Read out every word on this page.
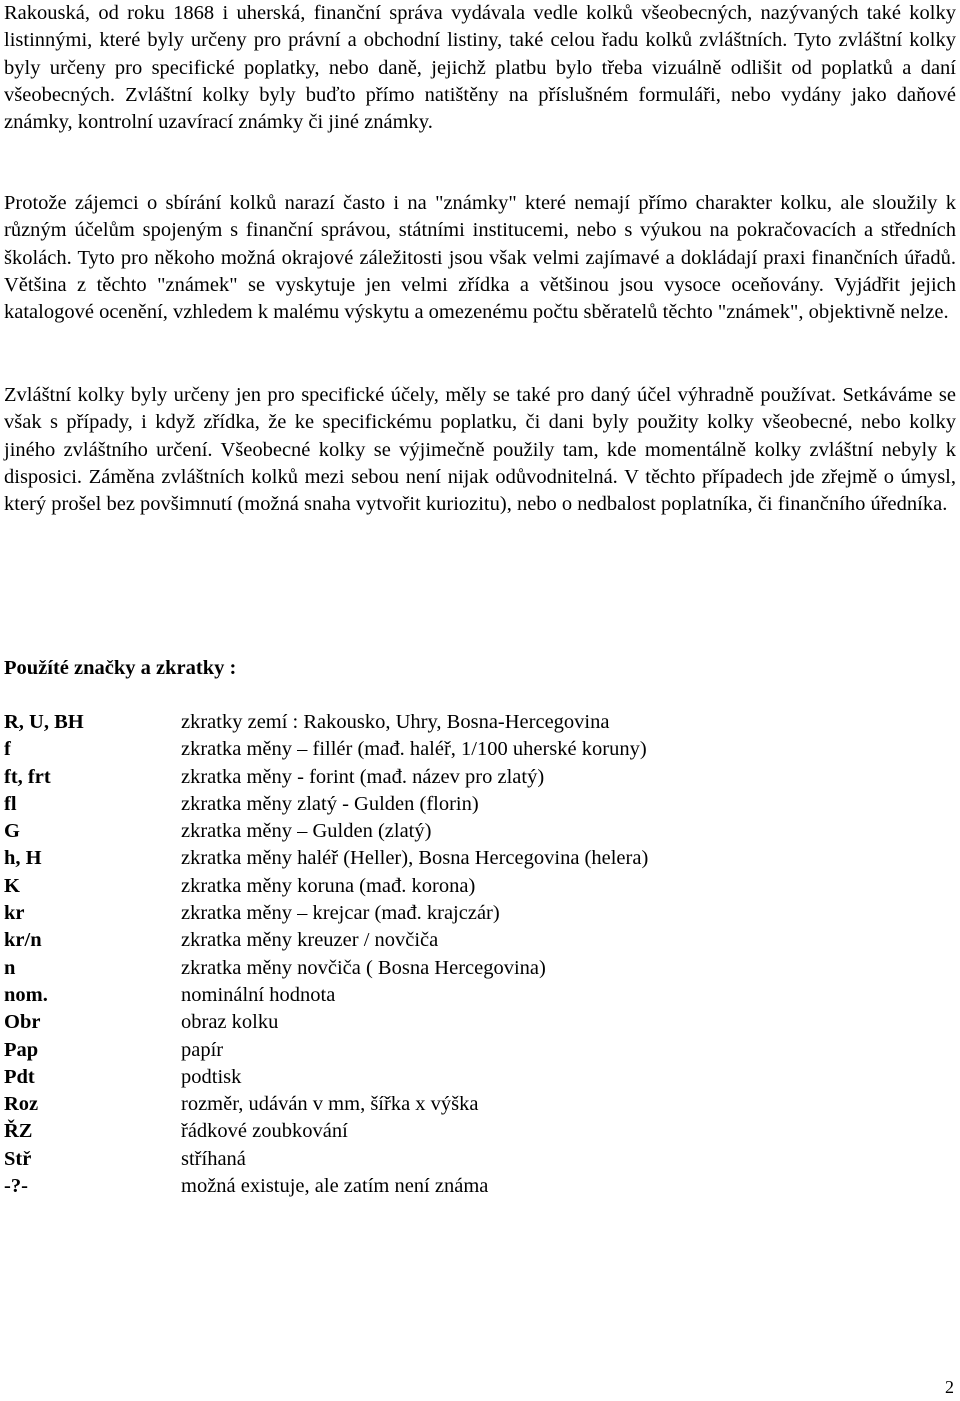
Rakouská, od roku 1868 i uherská, finanční správa vydávala vedle kolků všeobecných, nazývaných také kolky listinnými, které byly určeny pro právní a obchodní listiny, také celou řadu kolků zvláštních. Tyto zvláštní kolky byly určeny pro specifické poplatky, nebo daně, jejichž platbu bylo třeba vizuálně odlišit od poplatků a daní všeobecných. Zvláštní kolky byly buďto přímo natištěny na příslušném formuláři, nebo vydány jako daňové známky, kontrolní uzavírací známky či jiné známky.

Protože zájemci o sbírání kolků narazí často i na "známky" které nemají přímo charakter kolku, ale sloužily k různým účelům spojeným s finanční správou, státními institucemi, nebo s výukou na pokračovacích a středních školách. Tyto pro někoho možná okrajové záležitosti jsou však velmi zajímavé a dokládají praxi finančních úřadů. Většina z těchto "známek" se vyskytuje jen velmi zřídka a většinou jsou vysoce oceňovány. Vyjádřit jejich katalogové ocenění, vzhledem k malému výskytu a omezenému počtu sběratelů těchto "známek", objektivně nelze.

Zvláštní kolky byly určeny jen pro specifické účely, měly se také pro daný účel výhradně používat. Setkáváme se však s případy, i když zřídka, že ke specifickému poplatku, či dani byly použity kolky všeobecné, nebo kolky jiného zvláštního určení. Všeobecné kolky se výjimečně použily tam, kde momentálně kolky zvláštní nebyly k disposici. Záměna zvláštních kolků mezi sebou není nijak odůvodnitelná. V těchto případech jde zřejmě o úmysl, který prošel bez povšimnutí (možná snaha vytvořit kuriozitu), nebo o nedbalost poplatníka, či finančního úředníka.

Použíté značky a zkratky :
R, U, BH	zkratky zemí : Rakousko, Uhry, Bosna-Hercegovina
f	zkratka měny – fillér (mađ. haléř, 1/100 uherské koruny)
ft, frt	zkratka měny - forint (mađ. název pro zlatý)
fl	zkratka měny zlatý - Gulden (florin)
G	zkratka měny – Gulden (zlatý)
h, H	zkratka měny haléř (Heller), Bosna Hercegovina (helera)
K	zkratka měny koruna (mađ. korona)
kr	zkratka měny – krejcar (mađ. krajczár)
kr/n	zkratka měny kreuzer / novčiča
n	zkratka měny novčiča ( Bosna Hercegovina)
nom.	nominální hodnota
Obr	obraz kolku
Pap	papír
Pdt	podtisk
Roz	rozměr, udáván v mm, šířka x výška
ŘZ	řádkové zoubkování
Stř	stříhaná
-?-	možná existuje, ale zatím není známa
2
